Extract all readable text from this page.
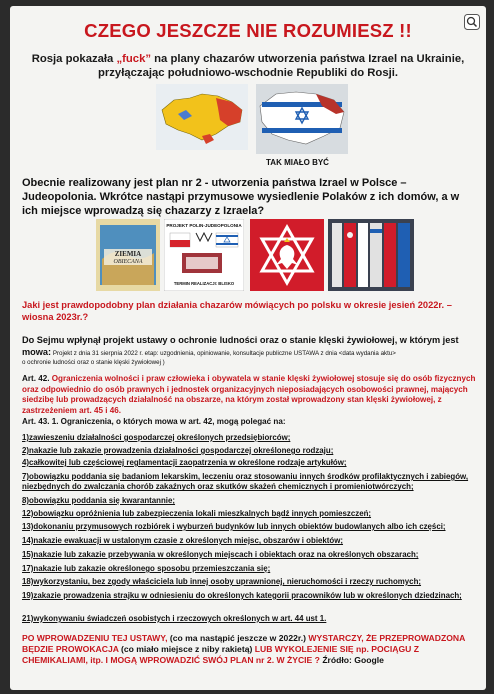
CZEGO JESZCZE NIE ROZUMIESZ !!
Rosja pokazała „fuck” na plany chazarów utworzenia państwa Izrael na Ukrainie,
przyłączając południowo-wschodnie Republiki do Rosji.
TAK MIAŁO BYĆ
Obecnie realizowany jest plan nr 2 - utworzenia państwa Izrael w Polsce – Judeopolonia. Wkrótce nastąpi przymusowe wysiedlenie Polaków z ich domów, a w ich miejsce wprowadzą się chazarzy z Izraela?
ZIEMIA
OBIECANA
PROJEKT POLIN-JUDEOPOLONIA
TERMIN REALIZACJI: BLISKO
Jaki jest prawdopodobny plan działania chazarów mówiących po polsku w okresie jesień 2022r. – wiosna 2023r.?
Do Sejmu wpłynął projekt ustawy o ochronie ludności oraz o stanie klęski żywiołowej, w którym jest mowa: Projekt z dnia 31 sierpnia 2022 r. etap: uzgodnienia, opiniowanie, konsultacje publiczne USTAWA z dnia <data wydania aktu>
o ochronie ludności oraz o stanie klęski żywiołowej )
Art. 42. Ograniczenia wolności i praw człowieka i obywatela w stanie klęski żywiołowej stosuje się do osób fizycznych oraz odpowiednio do osób prawnych i jednostek organizacyjnych nieposiadających osobowości prawnej, mających siedzibę lub prowadzących działalność na obszarze, na którym został wprowadzony stan klęski żywiołowej, z zastrzeżeniem art. 45 i 46.
Art. 43. 1. Ograniczenia, o których mowa w art. 42, mogą polegać na:
1)zawieszeniu działalności gospodarczej określonych przedsiębiorców;
2)nakazie lub zakazie prowadzenia działalności gospodarczej określonego rodzaju;
4)całkowitej lub częściowej reglamentacji zaopatrzenia w określone rodzaje artykułów;
7)obowiązku poddania się badaniom lekarskim, leczeniu oraz stosowaniu innych środków profilaktycznych i zabiegów, niezbędnych do zwalczania chorób zakaźnych oraz skutków skażeń chemicznych i promieniotwórczych;
8)obowiązku poddania się kwarantannie;
12)obowiązku opróżnienia lub zabezpieczenia lokali mieszkalnych bądź innych pomieszczeń;
13)dokonaniu przymusowych rozbiórek i wyburzeń budynków lub innych obiektów budowlanych albo ich części;
14)nakazie ewakuacji w ustalonym czasie z określonych miejsc, obszarów i obiektów;
15)nakazie lub zakazie przebywania w określonych miejscach i obiektach oraz na określonych obszarach;
17)nakazie lub zakazie określonego sposobu przemieszczania się;
18)wykorzystaniu, bez zgody właściciela lub innej osoby uprawnionej, nieruchomości i rzeczy ruchomych;
19)zakazie prowadzenia strajku w odniesieniu do określonych kategorii pracowników lub w określonych dziedzinach;
21)wykonywaniu świadczeń osobistych i rzeczowych określonych w art. 44 ust 1.
PO WPROWADZENIU TEJ USTAWY, (co ma nastąpić jeszcze w 2022r.) WYSTARCZY, ŻE PRZEPROWADZONA BĘDZIE PROWOKACJA (co miało miejsce z niby rakietą) LUB WYKOLEJENIE SIĘ np. POCIĄGU Z CHEMIKALIAMI, itp. I MOGĄ WPROWADZIĆ SWÓJ PLAN nr 2. W ŻYCIE ? Źródło: Google
